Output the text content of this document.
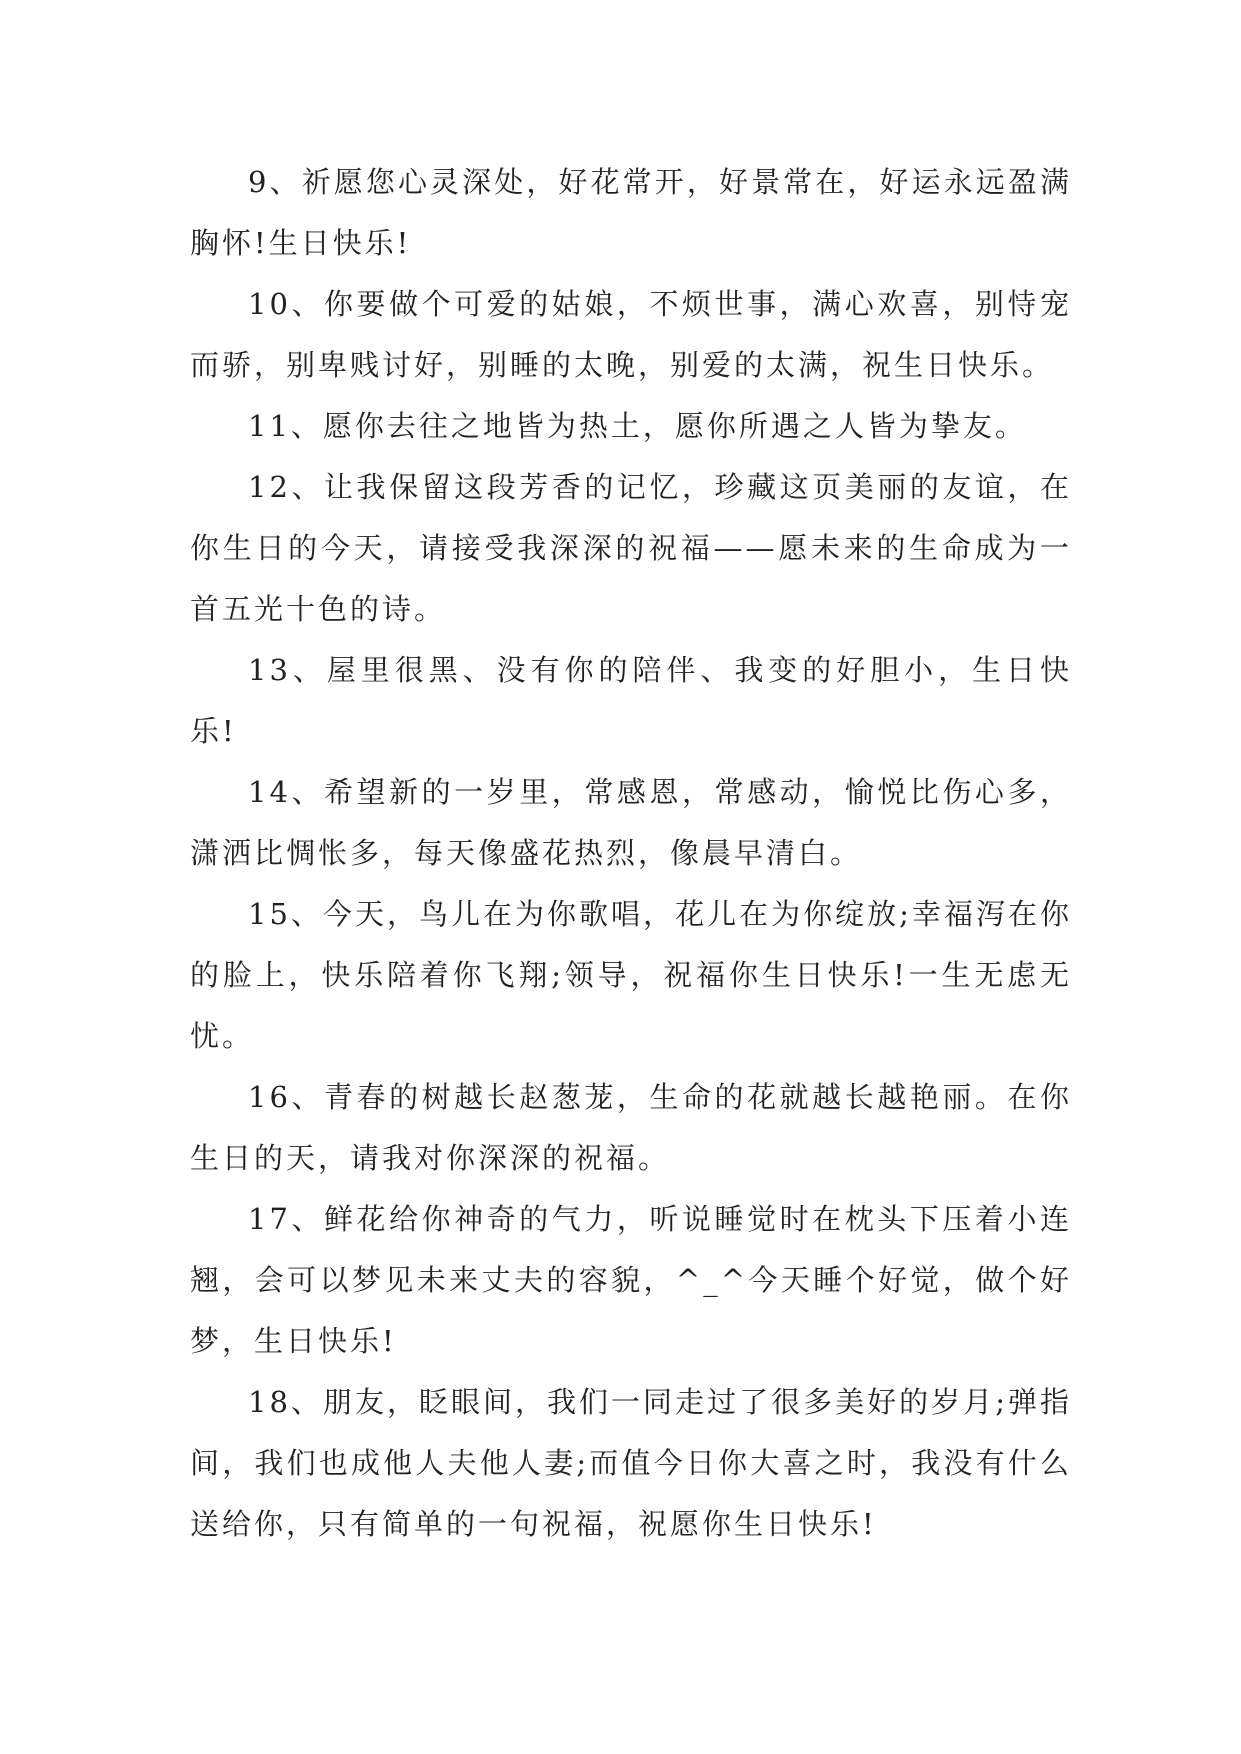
9、祈愿您心灵深处，好花常开，好景常在，好运永远盈满胸怀!生日快乐!

10、你要做个可爱的姑娘，不烦世事，满心欢喜，别恃宠而骄，别卑贱讨好，别睡的太晚，别爱的太满，祝生日快乐。

11、愿你去往之地皆为热土，愿你所遇之人皆为挚友。

12、让我保留这段芳香的记忆，珍藏这页美丽的友谊，在你生日的今天，请接受我深深的祝福——愿未来的生命成为一首五光十色的诗。

13、屋里很黑、没有你的陪伴、我变的好胆小，生日快乐!

14、希望新的一岁里，常感恩，常感动，愉悦比伤心多，潇洒比惆怅多，每天像盛花热烈，像晨早清白。

15、今天，鸟儿在为你歌唱，花儿在为你绽放;幸福泻在你的脸上，快乐陪着你飞翔;领导，祝福你生日快乐!一生无虑无忧。

16、青春的树越长赵葱茏，生命的花就越长越艳丽。在你生日的天，请我对你深深的祝福。

17、鲜花给你神奇的气力，听说睡觉时在枕头下压着小连翘，会可以梦见未来丈夫的容貌，^_^今天睡个好觉，做个好梦，生日快乐!

18、朋友，眨眼间，我们一同走过了很多美好的岁月;弹指间，我们也成他人夫他人妻;而值今日你大喜之时，我没有什么送给你，只有简单的一句祝福，祝愿你生日快乐!
